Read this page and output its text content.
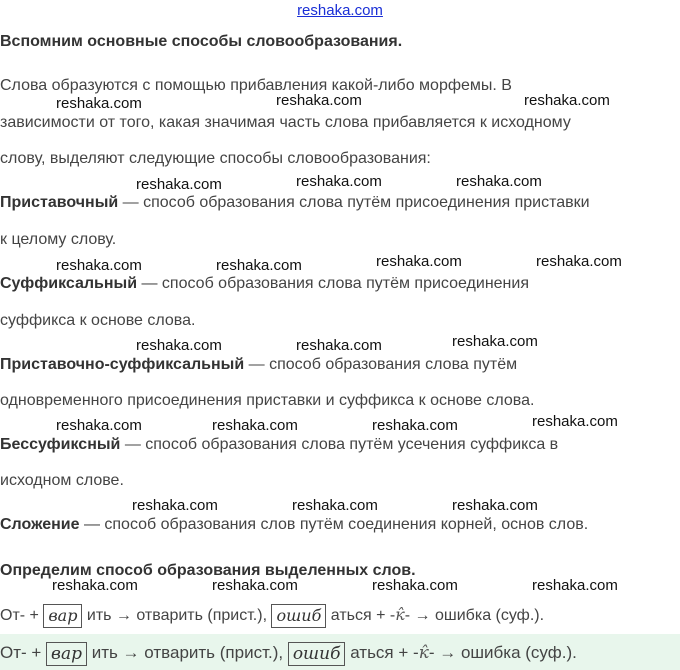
reshaka.com
reshaka.com	reshaka.com	reshaka.com
reshaka.com	reshaka.com	reshaka.com
reshaka.com	reshaka.com	reshaka.com	reshaka.com
reshaka.com	reshaka.com	reshaka.com
reshaka.com	reshaka.com	reshaka.com	reshaka.com
reshaka.com	reshaka.com	reshaka.com
reshaka.com	reshaka.com	reshaka.com	reshaka.com
Вспомним основные способы словообразования.
Слова образуются с помощью прибавления какой-либо морфемы. В
зависимости от того, какая значимая часть слова прибавляется к исходному
слову, выделяют следующие способы словообразования:
Приставочный — способ образования слова путём присоединения приставки
к целому слову.
Суффиксальный — способ образования слова путём присоединения
суффикса к основе слова.
Приставочно-суффиксальный — способ образования слова путём
одновременного присоединения приставки и суффикса к основе слова.
Бессуфиксный — способ образования слова путём усечения суффикса в
исходном слове.
Сложение — способ образования слов путём соединения корней, основ слов.
Определим способ образования выделенных слов.
От- + вар ить → отварить (прист.), ошиб аться + -к̂- → ошибка (суф.).
От- + вар ить → отварить (прист.), ошиб аться + -к̂- → ошибка (суф.).
